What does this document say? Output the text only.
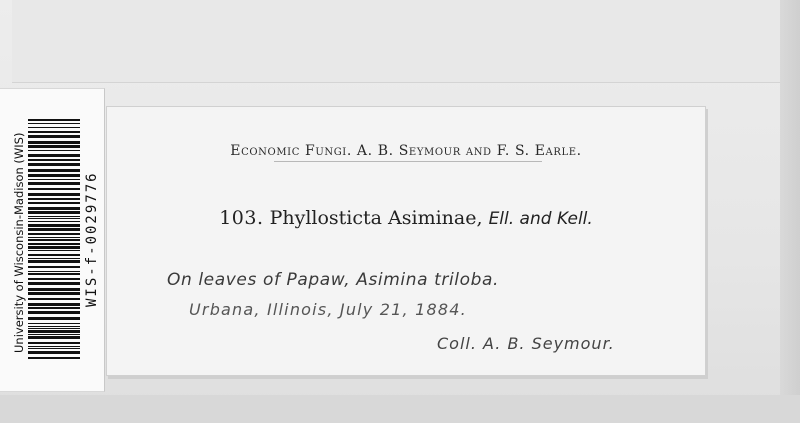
Economic Fungi. A. B. Seymour and F. S. Earle.
103. Phyllosticta Asiminae, Ell. and Kell.
On leaves of Papaw, Asimina triloba.
Urbana, Illinois, July 21, 1884.
Coll. A. B. Seymour.
University of Wisconsin-Madison (WIS)	WIS-f-0029776
